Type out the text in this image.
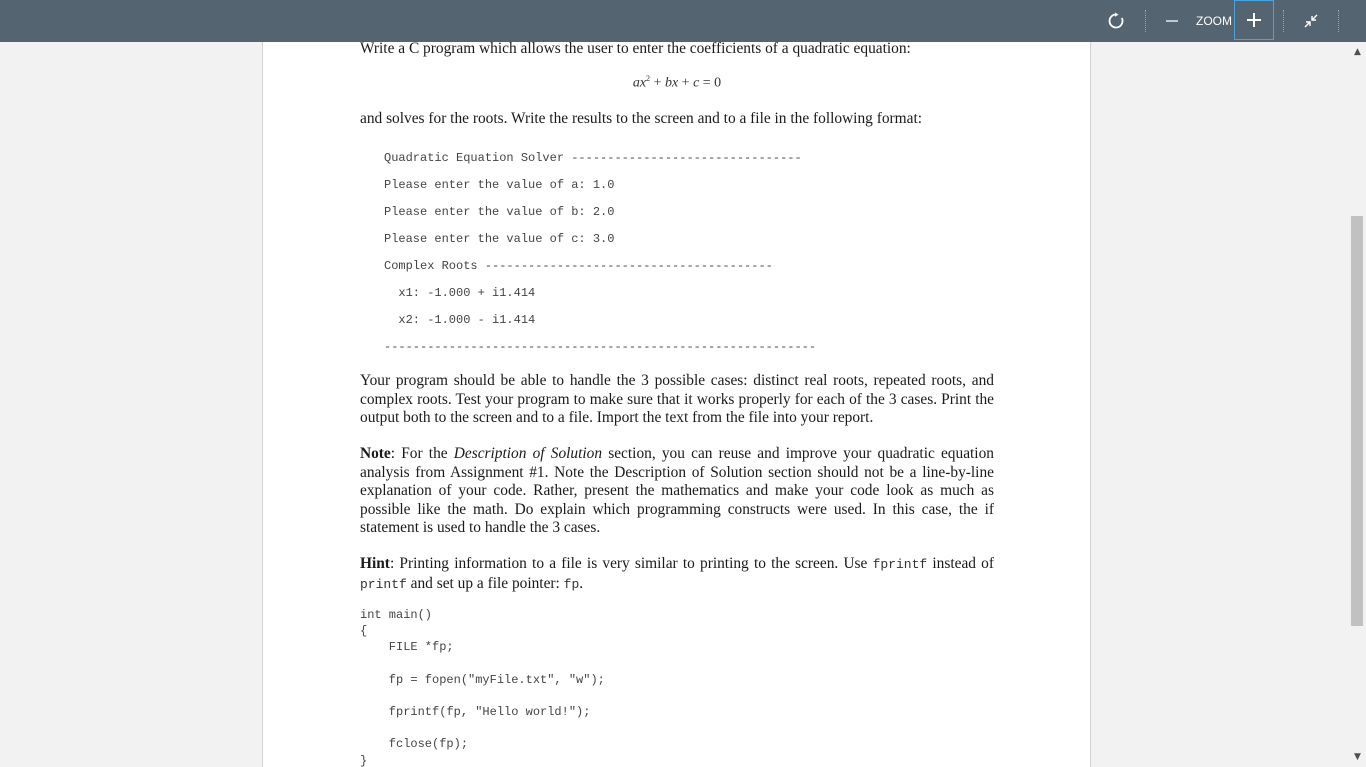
ZOOM
Write a C program which allows the user to enter the coefficients of a quadratic equation:
$ax^2$ + bx + c = 0
and solves for the roots. Write the results to the screen and to a file in the following format:
Quadratic Equation Solver --------------------------------
Please enter the value of a: 1.0
Please enter the value of b: 2.0
Please enter the value of c: 3.0
Complex Roots ----------------------------------------
x1: -1.000 + i1.414
x2: -1.000 - i1.414
------------------------------------------------------------
Your program should be able to handle the 3 possible cases: distinct real roots, repeated roots, and complex roots. Test your program to make sure that it works properly for each of the 3 cases. Print the output both to the screen and to a file. Import the text from the file into your report.
Note: For the Description of Solution section, you can reuse and improve your quadratic equation analysis from Assignment #1. Note the Description of Solution section should not be a line-by-line explanation of your code. Rather, present the mathematics and make your code look as much as possible like the math. Do explain which programming constructs were used. In this case, the if statement is used to handle the 3 cases.
Hint: Printing information to a file is very similar to printing to the screen. Use fprintf instead of printf and set up a file pointer: fp.
int main()
{
FILE *fp;
fp = fopen("myFile.txt", "w");
fprintf(fp, "Hello world!");
fclose(fp);
}
▲
▼
